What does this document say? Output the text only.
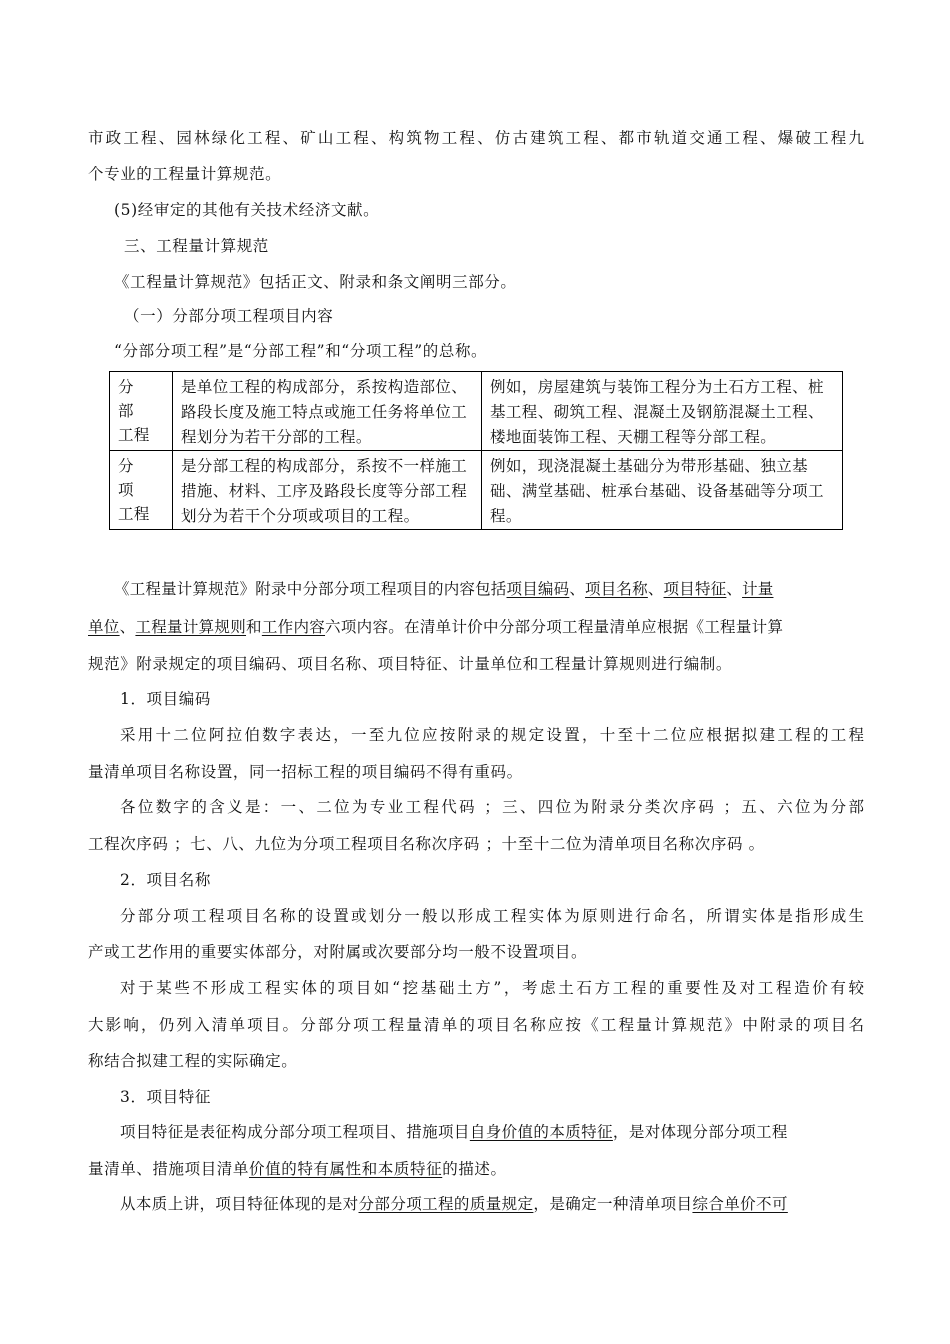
市政工程、园林绿化工程、矿山工程、构筑物工程、仿古建筑工程、都市轨道交通工程、爆破工程九
个专业的工程量计算规范。
(5)经审定的其他有关技术经济文献。
三、工程量计算规范
《工程量计算规范》包括正文、附录和条文阐明三部分。
（一）分部分项工程项目内容
“分部分项工程”是“分部工程”和“分项工程”的总称。
分 部
工程	是单位工程的构成部分，系按构造部位、路段长度及施工特点或施工任务将单位工程划分为若干分部的工程。	例如，房屋建筑与装饰工程分为土石方工程、桩基工程、砌筑工程、混凝土及钢筋混凝土工程、楼地面装饰工程、天棚工程等分部工程。

分 项
工程	是分部工程的构成部分，系按不一样施工措施、材料、工序及路段长度等分部工程划分为若干个分项或项目的工程。	例如，现浇混凝土基础分为带形基础、独立基础、满堂基础、桩承台基础、设备基础等分项工程。
《工程量计算规范》附录中分部分项工程项目的内容包括项目编码、项目名称、项目特征、计量
单位、工程量计算规则和工作内容六项内容。在清单计价中分部分项工程量清单应根据《工程量计算
规范》附录规定的项目编码、项目名称、项目特征、计量单位和工程量计算规则进行编制。
1．项目编码
采用十二位阿拉伯数字表达，一至九位应按附录的规定设置，十至十二位应根据拟建工程的工程
量清单项目名称设置，同一招标工程的项目编码不得有重码。
各位数字的含义是：一、二位为专业工程代码 ；三、四位为附录分类次序码 ；五、六位为分部
工程次序码 ；七、八、九位为分项工程项目名称次序码 ；十至十二位为清单项目名称次序码 。
2．项目名称
分部分项工程项目名称的设置或划分一般以形成工程实体为原则进行命名，所谓实体是指形成生
产或工艺作用的重要实体部分，对附属或次要部分均一般不设置项目。
对于某些不形成工程实体的项目如“挖基础土方”，考虑土石方工程的重要性及对工程造价有较
大影响，仍列入清单项目。分部分项工程量清单的项目名称应按《工程量计算规范》中附录的项目名
称结合拟建工程的实际确定。
3．项目特征
项目特征是表征构成分部分项工程项目、措施项目自身价值的本质特征，是对体现分部分项工程
量清单、措施项目清单价值的特有属性和本质特征的描述。
从本质上讲，项目特征体现的是对分部分项工程的质量规定，是确定一种清单项目综合单价不可
